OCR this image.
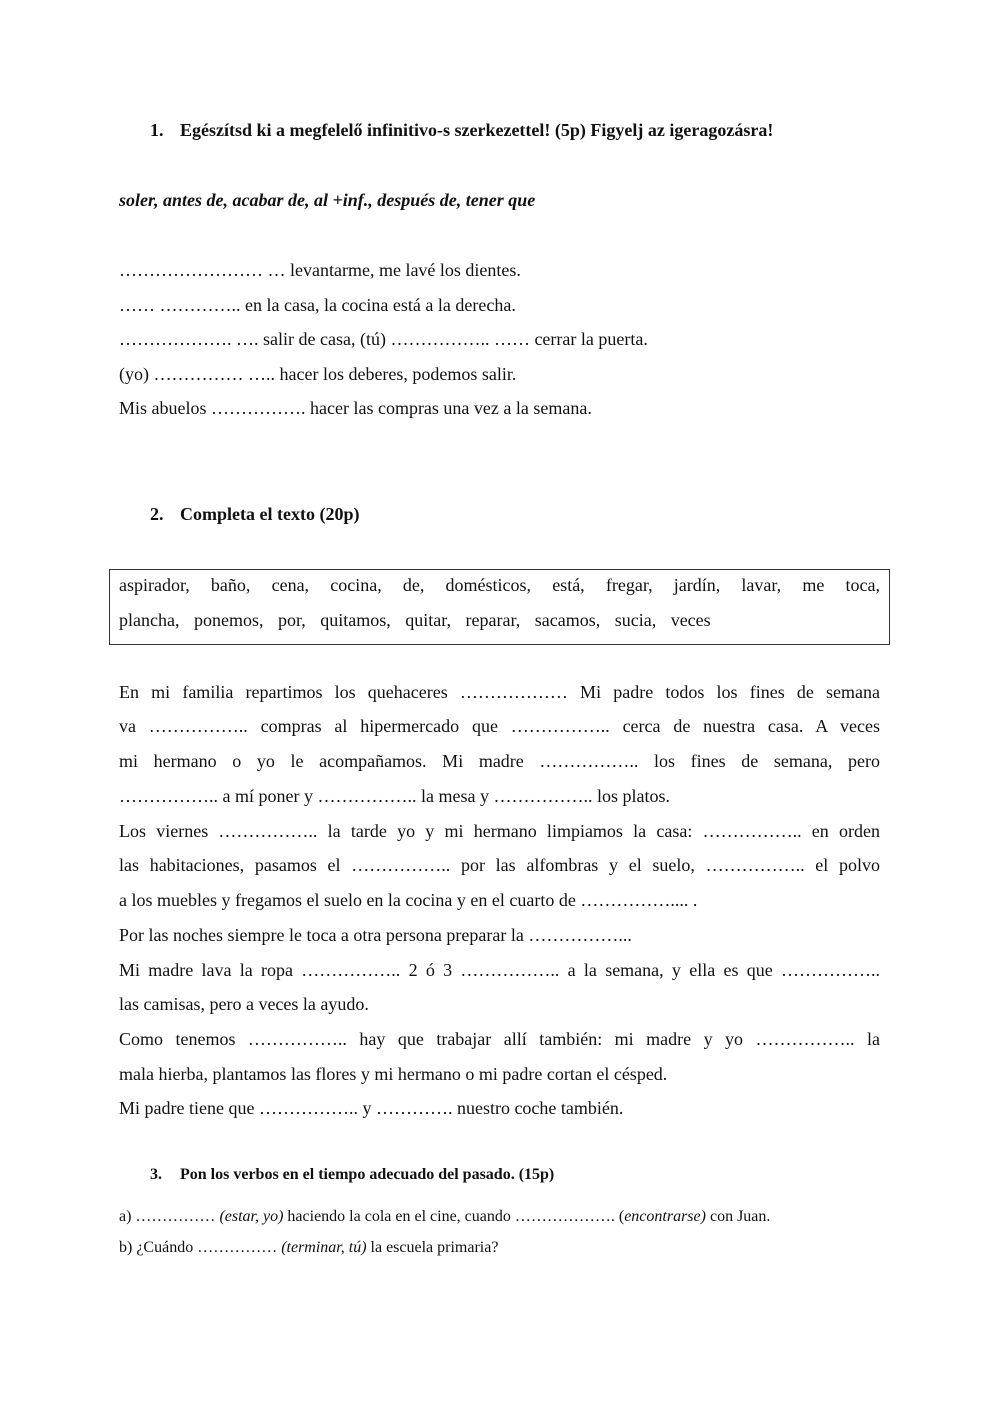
1. Egészítsd ki a megfelelő infinitivo-s szerkezettel! (5p) Figyelj az igeragozásra!
soler, antes de, acabar de, al +inf., después de, tener que
…………………… … levantarme, me lavé los dientes.
…… ………….. en la casa, la cocina está a la derecha.
………………. …. salir de casa, (tú) …………….. …… cerrar la puerta.
(yo) …………… ….. hacer los deberes, podemos salir.
Mis abuelos ……………. hacer las compras una vez a la semana.
2. Completa el texto (20p)
aspirador, baño, cena, cocina, de, domésticos, está, fregar, jardín, lavar, me toca,
plancha, ponemos, por, quitamos, quitar, reparar, sacamos, sucia, veces
En mi familia repartimos los quehaceres ……………… Mi padre todos los fines de semana
va …………….. compras al hipermercado que …………….. cerca de nuestra casa. A veces
mi hermano o yo le acompañamos. Mi madre …………….. los fines de semana, pero
…………….. a mí poner y …………….. la mesa y …………….. los platos.
Los viernes …………….. la tarde yo y mi hermano limpiamos la casa: …………….. en orden
las habitaciones, pasamos el …………….. por las alfombras y el suelo, …………….. el polvo
a los muebles y fregamos el suelo en la cocina y en el cuarto de …………….... .
Por las noches siempre le toca a otra persona preparar la ……………...
Mi madre lava la ropa …………….. 2 ó 3 …………….. a la semana, y ella es que ……………..
las camisas, pero a veces la ayudo.
Como tenemos …………….. hay que trabajar allí también: mi madre y yo …………….. la
mala hierba, plantamos las flores y mi hermano o mi padre cortan el césped.
Mi padre tiene que …………….. y …………. nuestro coche también.
3. Pon los verbos en el tiempo adecuado del pasado. (15p)
a) …………… (estar, yo) haciendo la cola en el cine, cuando ………………. (encontrarse) con Juan.
b) ¿Cuándo …………… (terminar, tú) la escuela primaria?
